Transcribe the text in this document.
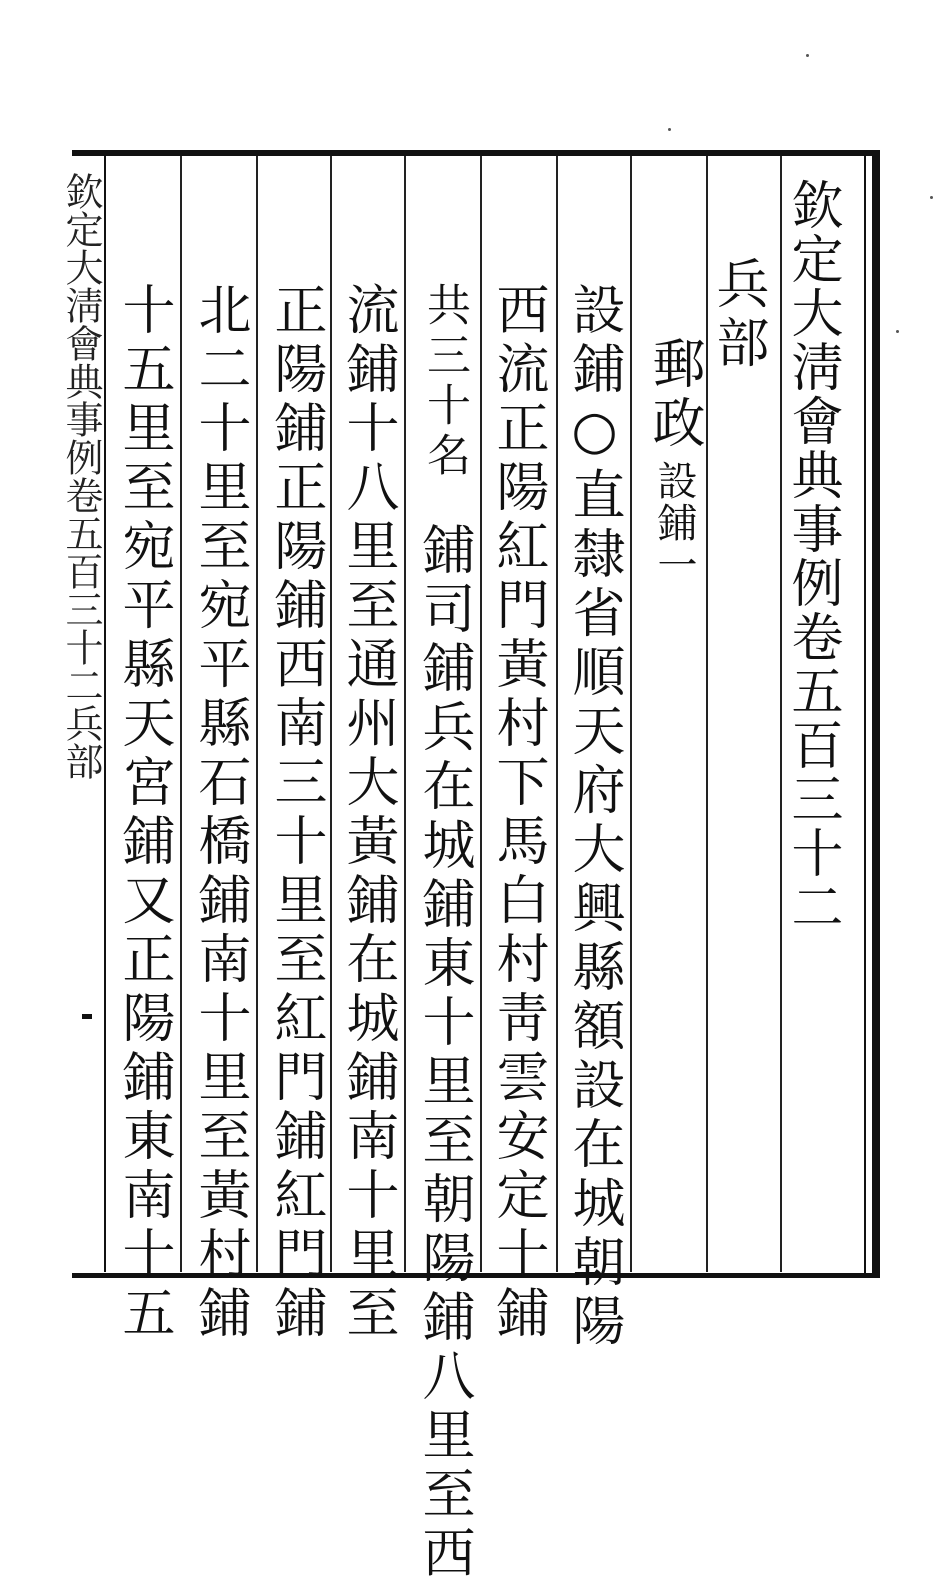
欽定大淸會典事例卷五百三十二
兵部
郵政設鋪一
設鋪○直隸省順天府大興縣額設在城朝陽
西流正陽紅門黃村下馬白村靑雲安定十鋪
共三十名
鋪司鋪兵在城鋪東十里至朝陽鋪八里至西
流鋪十八里至通州大黃鋪在城鋪南十里至
正陽鋪正陽鋪西南三十里至紅門鋪紅門鋪
北二十里至宛平縣石橋鋪南十里至黃村鋪
十五里至宛平縣天宮鋪又正陽鋪東南十五
欽定大淸會典事例卷五百三十二兵部
